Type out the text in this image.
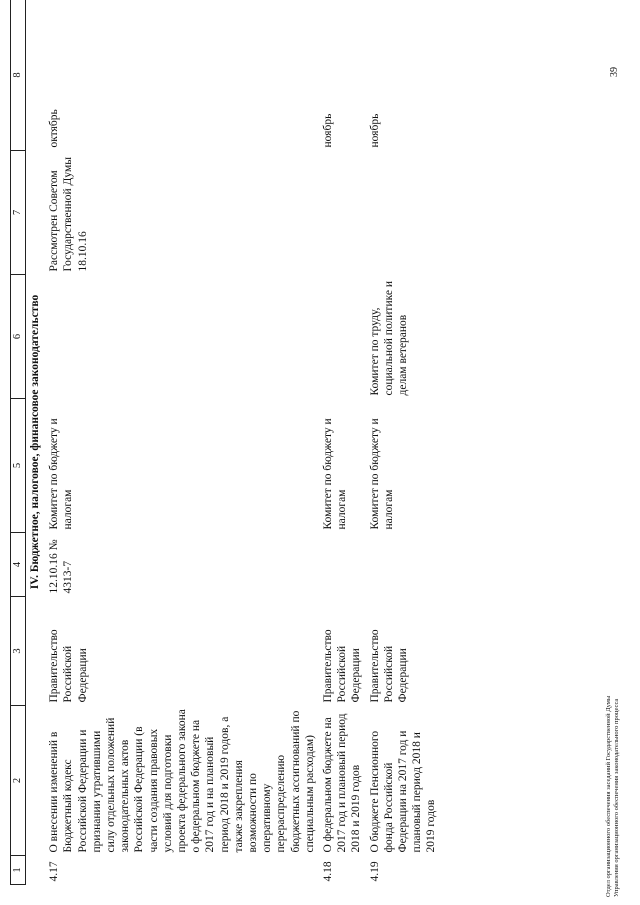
1	2	3	4	5	6	7	8
IV. Бюджетное, налоговое, финансовое законодательство							
4.17	О внесении изменений в Бюджетный кодекс Российской Федерации и признании утратившими силу отдельных положений законодательных актов Российской Федерации (в части создания правовых условий для подготовки проекта федерального закона о федеральном бюджете на 2017 год и на плановый период 2018 и 2019 годов, а также закрепления возможности по оперативному перераспределению бюджетных ассигнований по специальным расходам)	Правительство Российской Федерации	12.10.16 № 4313-7	Комитет по бюджету и налогам		Рассмотрен Советом Государственной Думы 18.10.16	октябрь
4.18	О федеральном бюджете на 2017 год и плановый период 2018 и 2019 годов	Правительство Российской Федерации		Комитет по бюджету и налогам			ноябрь
4.19	О бюджете Пенсионного фонда Российской Федерации на 2017 год и плановый период 2018 и 2019 годов	Правительство Российской Федерации		Комитет по бюджету и налогам	Комитет по труду, социальной политике и делам ветеранов		ноябрь
Отдел организационного обеспечения заседаний Государственной Думы Управления организационного обеспечения законодательного процесса
39
